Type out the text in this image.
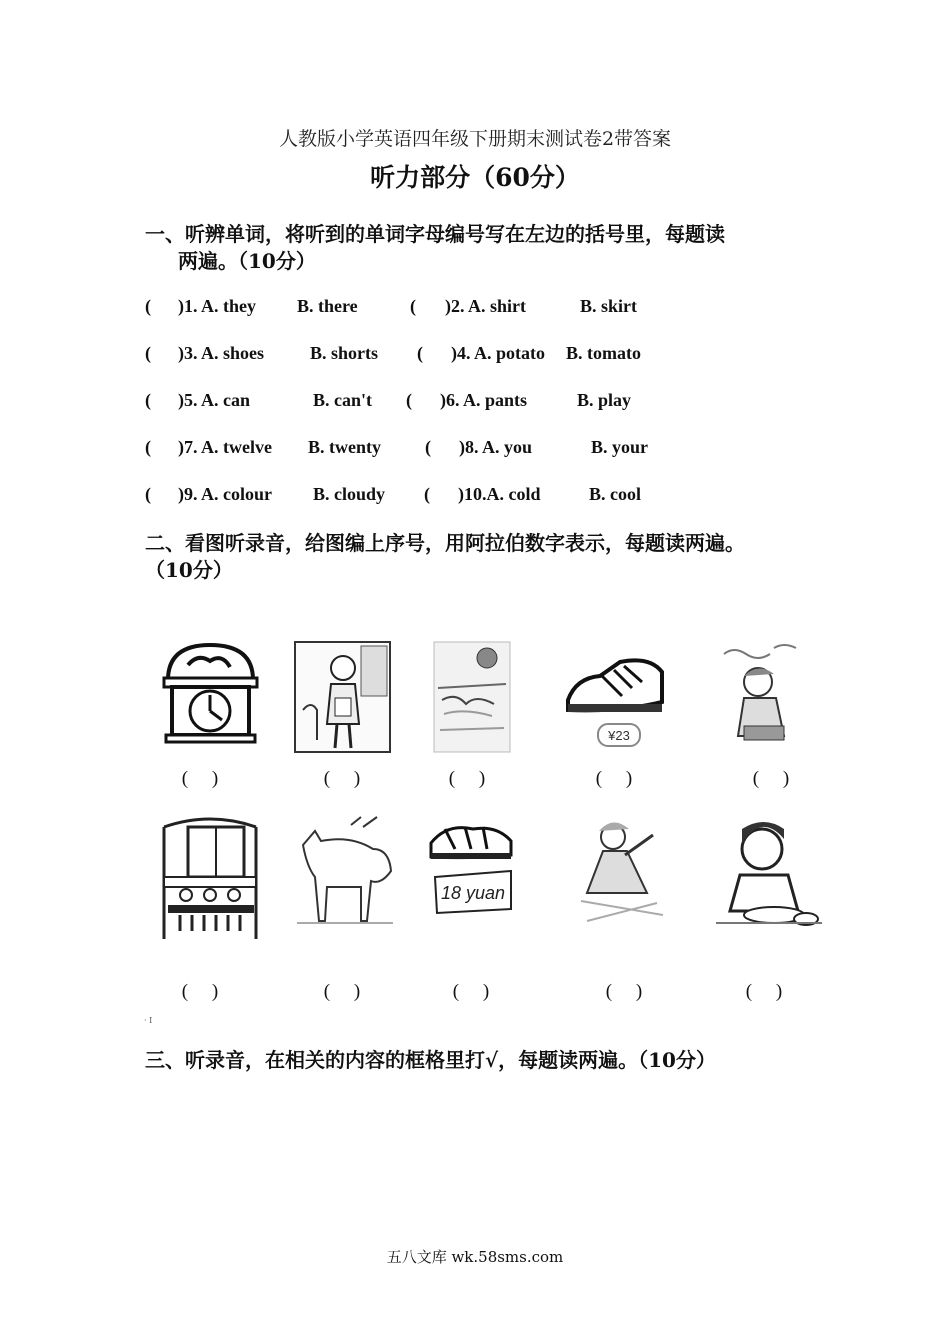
人教版小学英语四年级下册期末测试卷2带答案
听力部分（60分）
一、听辨单词，将听到的单词字母编号写在左边的括号里，每题读
两遍。（10分）
( )1. A. they B. there	( )2. A. shirt	B. skirt
( )3. A. shoes	B. shorts ( )4. A. potato B. tomato
( )5. A. can	B. can't ( )6. A. pants	B. play
( )7. A. twelve B. twenty ( )8. A. you	B. your
( )9. A. colour B. cloudy ( )10.A. cold	B. cool
二、看图听录音，给图编上序号，用阿拉伯数字表示，每题读两遍。
（10分）
¥23
(     )	(     )	(     )	(     )	(     )
18 yuan
(     )	(     )	(     )	(     )	(     )
· I
三、听录音，在相关的内容的框格里打√，每题读两遍。（10分）
五八文库 wk.58sms.com
